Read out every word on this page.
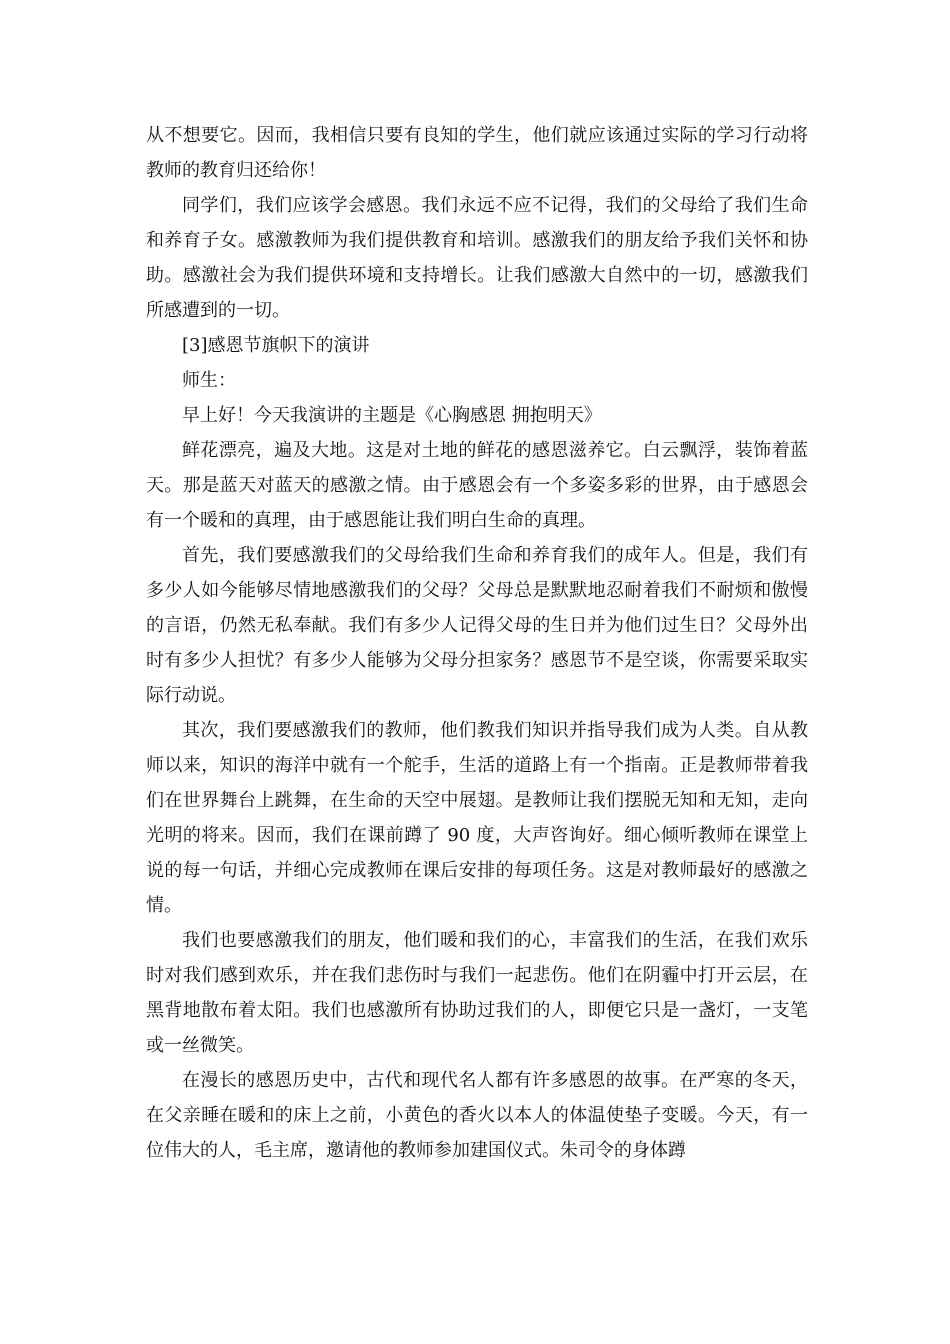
从不想要它。因而，我相信只要有良知的学生，他们就应该通过实际的学习行动将教师的教育归还给你！

同学们，我们应该学会感恩。我们永远不应不记得，我们的父母给了我们生命和养育子女。感激教师为我们提供教育和培训。感激我们的朋友给予我们关怀和协助。感激社会为我们提供环境和支持增长。让我们感激大自然中的一切，感激我们所感遭到的一切。

[3]感恩节旗帜下的演讲

师生：

早上好！今天我演讲的主题是《心胸感恩 拥抱明天》

鲜花漂亮，遍及大地。这是对土地的鲜花的感恩滋养它。白云飘浮，装饰着蓝天。那是蓝天对蓝天的感激之情。由于感恩会有一个多姿多彩的世界，由于感恩会有一个暖和的真理，由于感恩能让我们明白生命的真理。

首先，我们要感激我们的父母给我们生命和养育我们的成年人。但是，我们有多少人如今能够尽情地感激我们的父母？父母总是默默地忍耐着我们不耐烦和傲慢的言语，仍然无私奉献。我们有多少人记得父母的生日并为他们过生日？父母外出时有多少人担忧？有多少人能够为父母分担家务？感恩节不是空谈，你需要采取实际行动说。

其次，我们要感激我们的教师，他们教我们知识并指导我们成为人类。自从教师以来，知识的海洋中就有一个舵手，生活的道路上有一个指南。正是教师带着我们在世界舞台上跳舞，在生命的天空中展翅。是教师让我们摆脱无知和无知，走向光明的将来。因而，我们在课前蹲了 90 度，大声咨询好。细心倾听教师在课堂上说的每一句话，并细心完成教师在课后安排的每项任务。这是对教师最好的感激之情。

我们也要感激我们的朋友，他们暖和我们的心，丰富我们的生活，在我们欢乐时对我们感到欢乐，并在我们悲伤时与我们一起悲伤。他们在阴霾中打开云层，在黑背地散布着太阳。我们也感激所有协助过我们的人，即便它只是一盏灯，一支笔或一丝微笑。

在漫长的感恩历史中，古代和现代名人都有许多感恩的故事。在严寒的冬天，在父亲睡在暖和的床上之前，小黄色的香火以本人的体温使垫子变暖。今天，有一位伟大的人，毛主席，邀请他的教师参加建国仪式。朱司令的身体蹲
